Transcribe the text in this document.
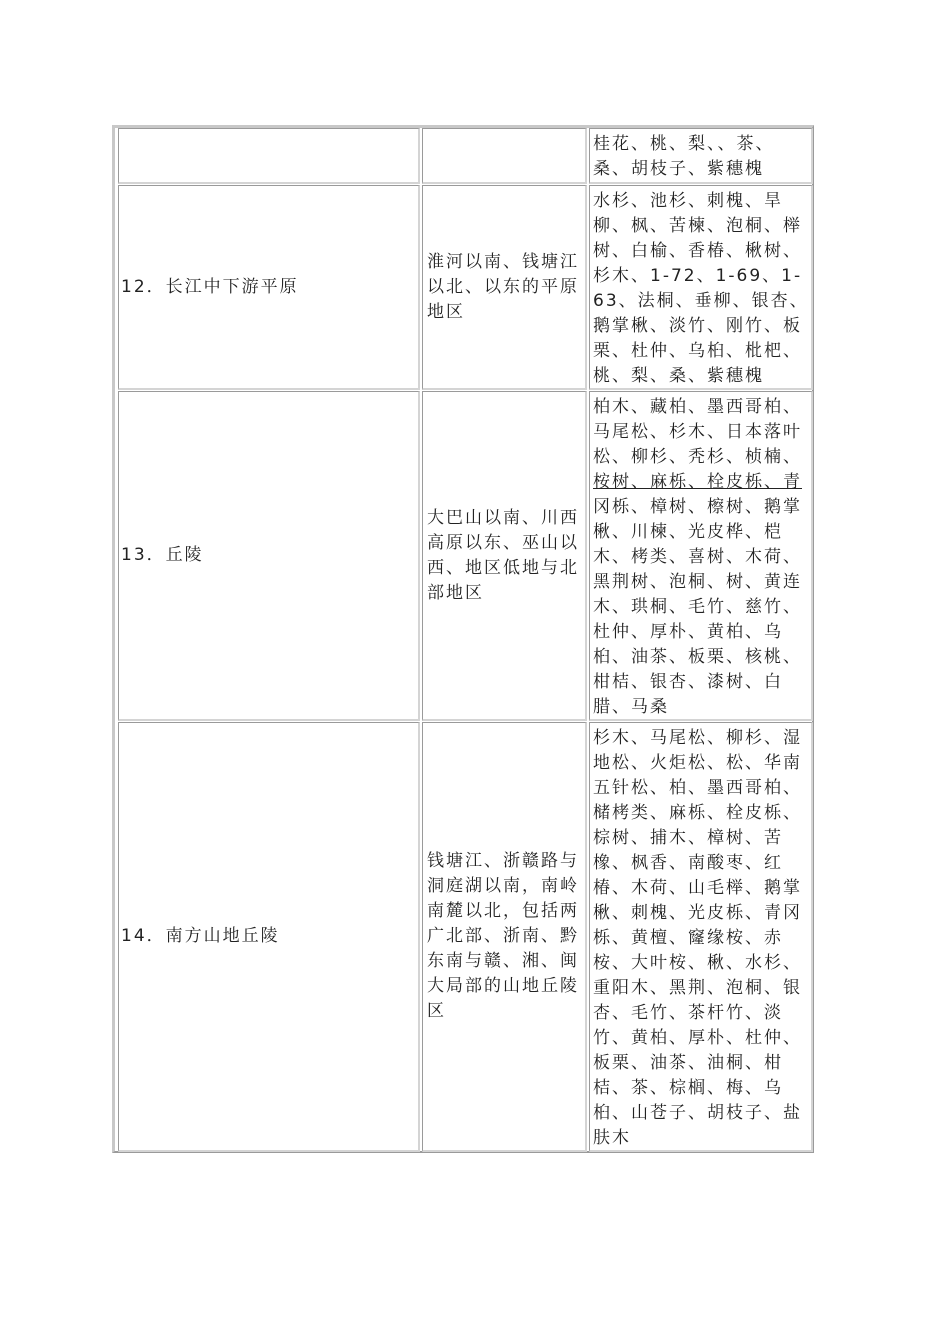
桂花、桃、梨、、茶、
桑、胡枝子、紫穗槐
12．长江中下游平原
淮河以南、钱塘江以北、以东的平原地区
水杉、池杉、刺槐、旱
柳、枫、苦楝、泡桐、榉
树、白榆、香椿、楸树、
杉木、1-72、1-69、1-
63、法桐、垂柳、银杏、
鹅掌楸、淡竹、刚竹、板
栗、杜仲、乌桕、枇杷、
桃、梨、桑、紫穗槐
13．丘陵
大巴山以南、川西高原以东、巫山以西、地区低地与北部地区
柏木、藏柏、墨西哥柏、
马尾松、杉木、日本落叶
松、柳杉、秃杉、桢楠、
桉树、麻栎、栓皮栎、青
冈栎、樟树、檫树、鹅掌
楸、川楝、光皮桦、桤
木、栲类、喜树、木荷、
黑荆树、泡桐、树、黄连
木、珙桐、毛竹、慈竹、
杜仲、厚朴、黄柏、乌
桕、油茶、板栗、核桃、
柑桔、银杏、漆树、白
腊、马桑
14．南方山地丘陵
钱塘江、浙赣路与洞庭湖以南，南岭南麓以北，包括两广北部、浙南、黔东南与赣、湘、闽大局部的山地丘陵区
杉木、马尾松、柳杉、湿
地松、火炬松、松、华南
五针松、柏、墨西哥柏、
槠栲类、麻栎、栓皮栎、
棕树、捕木、樟树、苦
橡、枫香、南酸枣、红
椿、木荷、山毛榉、鹅掌
楸、刺槐、光皮栎、青冈
栎、黄檀、窿缘桉、赤
桉、大叶桉、楸、水杉、
重阳木、黑荆、泡桐、银
杏、毛竹、茶杆竹、淡
竹、黄柏、厚朴、杜仲、
板栗、油茶、油桐、柑
桔、茶、棕榈、梅、乌
桕、山苍子、胡枝子、盐
肤木
